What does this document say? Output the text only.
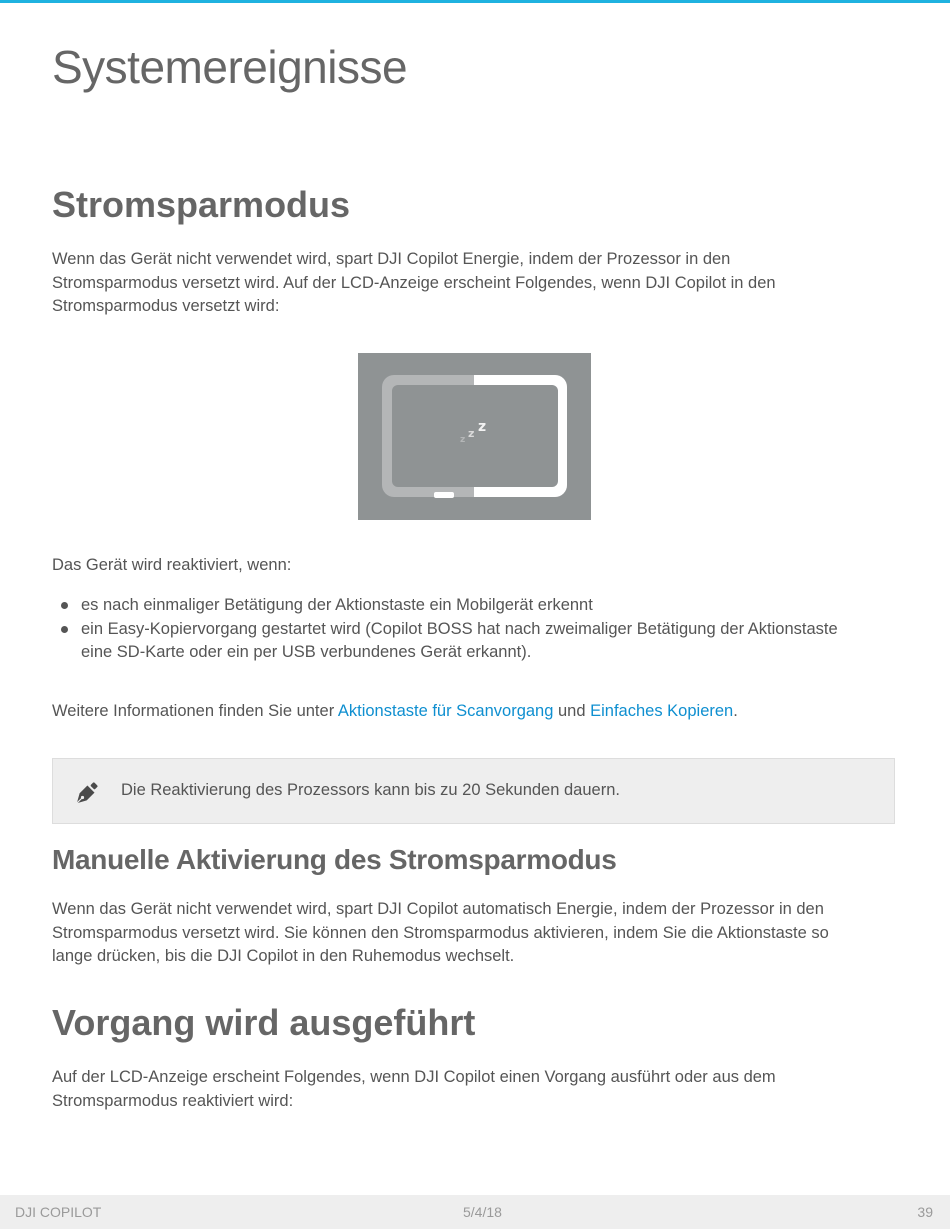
Systemereignisse
Stromsparmodus

Wenn das Gerät nicht verwendet wird, spart DJI Copilot Energie, indem der Prozessor in den
Stromsparmodus versetzt wird. Auf der LCD-Anzeige erscheint Folgendes, wenn DJI Copilot in den
Stromsparmodus versetzt wird:

z z z

Das Gerät wird reaktiviert, wenn:

es nach einmaliger Betätigung der Aktionstaste ein Mobilgerät erkennt
ein Easy-Kopiervorgang gestartet wird (Copilot BOSS hat nach zweimaliger Betätigung der Aktionstaste
eine SD-Karte oder ein per USB verbundenes Gerät erkannt).

Weitere Informationen finden Sie unter Aktionstaste für Scanvorgang und Einfaches Kopieren.

Die Reaktivierung des Prozessors kann bis zu 20 Sekunden dauern.
Manuelle Aktivierung des Stromsparmodus

Wenn das Gerät nicht verwendet wird, spart DJI Copilot automatisch Energie, indem der Prozessor in den
Stromsparmodus versetzt wird. Sie können den Stromsparmodus aktivieren, indem Sie die Aktionstaste so
lange drücken, bis die DJI Copilot in den Ruhemodus wechselt.

Vorgang wird ausgeführt

Auf der LCD-Anzeige erscheint Folgendes, wenn DJI Copilot einen Vorgang ausführt oder aus dem
Stromsparmodus reaktiviert wird:

DJI COPILOT	5/4/18	39
